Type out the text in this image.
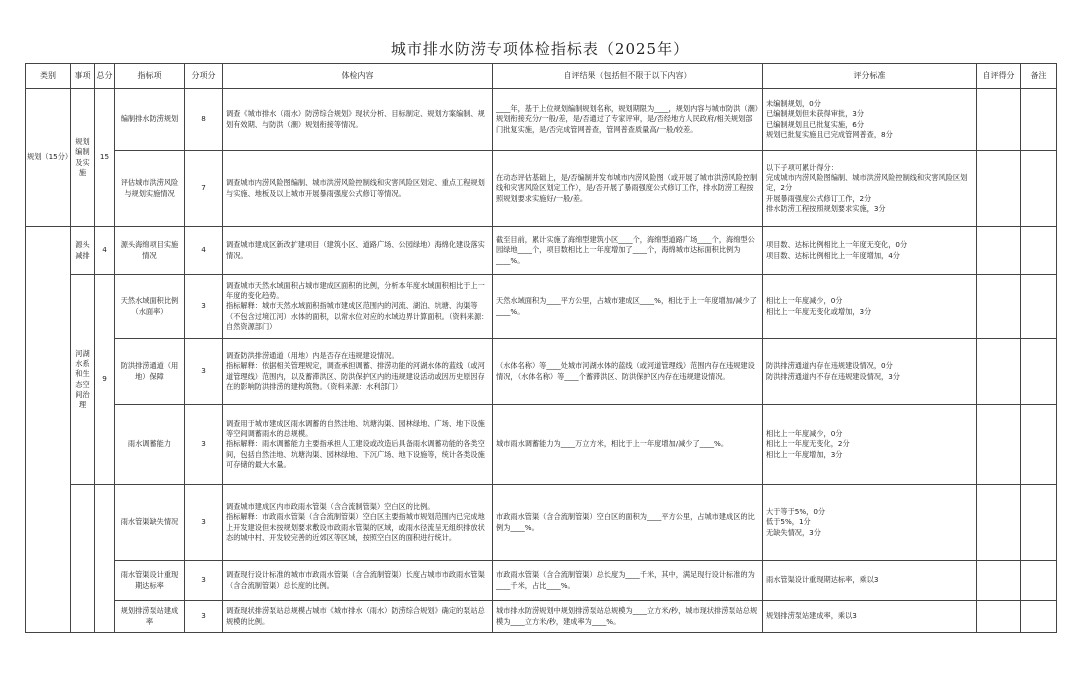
城市排水防涝专项体检指标表（2025年）
类别	事项	总分	指标项	分项分	体检内容	自评结果（包括但不限于以下内容）	评分标准	自评得分	备注
规划（15分）	规划编制及实施	15	编制排水防涝规划	8	调查《城市排水（雨水）防涝综合规划》现状分析、目标制定、规划方案编制、规划有效期、与防洪（潮）规划衔接等情况。	____年，基于上位规划编制规划名称，规划期限为____，规划内容与城市防洪（潮）规划衔接充分/一般/差，是/否通过了专家评审，是/否经地方人民政府/相关规划部门批复实施，是/否完成管网普查，管网普查质量高/一般/较差。	未编制规划，0分
已编制规划但未获得审批，3分
已编制规划且已批复实施，6分
规划已批复实施且已完成管网普查，8分		
			评估城市洪涝风险与规划实施情况	7	调查城市内涝风险图编制、城市洪涝风险控制线和灾害风险区划定、重点工程规划与实施、地板及以上城市开展暴雨强度公式修订等情况。	在动态评估基础上，是/否编制并发布城市内涝风险图（或开展了城市洪涝风险控制线和灾害风险区划定工作），是/否开展了暴雨强度公式修订工作，排水防涝工程按照规划要求实施好/一般/差。	以下子项可累计得分：
完成城市内涝风险图编制、城市洪涝风险控制线和灾害风险区划定，2分
开展暴雨强度公式修订工作，2分
排水防涝工程按照规划要求实施，3分		
	源头减排	4	源头海绵项目实施情况	4	调查城市建成区新改扩建项目（建筑小区、道路广场、公园绿地）海绵化建设落实情况。	截至目前，累计实施了海绵型建筑小区____个，海绵型道路广场____个，海绵型公园绿地____个，项目数相比上一年度增加了____个，海绵城市达标面积比例为____%。	项目数、达标比例相比上一年度无变化，0分
项目数、达标比例相比上一年度增加，4分		
	河湖水系和生态空间治理	9	天然水域面积比例（水面率）	3	调查城市天然水域面积占城市建成区面积的比例，分析本年度水域面积相比于上一年度的变化趋势。
指标解释：城市天然水域面积指城市建成区范围内的河流、湖泊、坑塘、沟渠等（不包含过境江河）水体的面积，以常水位对应的水域边界计算面积。（资料来源：自然资源部门）	天然水域面积为____平方公里，占城市建成区____%，相比于上一年度增加/减少了____%。	相比上一年度减少，0分
相比上一年度无变化或增加，3分		
			防洪排涝通道（用地）保障	3	调查防洪排涝通道（用地）内是否存在违规建设情况。
指标解释：依据相关管理规定，调查承担调蓄、排涝功能的河湖水体的蓝线（或河道管理线）范围内，以及蓄滞洪区、防洪保护区内的违规建设活动或因历史原因存在的影响防洪排涝的建构筑物。（资料来源：水利部门）	（水体名称）等____处城市河湖水体的蓝线（或河道管理线）范围内存在违规建设情况，（水体名称）等____个蓄滞洪区、防洪保护区内存在违规建设情况。	防洪排涝通道内存在违规建设情况，0分
防洪排涝通道内不存在违规建设情况，3分		
			雨水调蓄能力	3	调查用于城市建成区雨水调蓄的自然洼地、坑塘沟渠、园林绿地、广场、地下设施等空间调蓄雨水的总规模。
指标解释：雨水调蓄能力主要指承担人工建设或改造后具备雨水调蓄功能的各类空间，包括自然洼地、坑塘沟渠、园林绿地、下沉广场、地下设施等，统计各类设施可存储的最大水量。	城市雨水调蓄能力为____万立方米，相比于上一年度增加/减少了____%。	相比上一年度减少，0分
相比上一年度无变化，2分
相比上一年度增加，3分		
			雨水管渠缺失情况	3	调查城市建成区内市政雨水管渠（含合流制管渠）空白区的比例。
指标解释：市政雨水管渠（含合流制管渠）空白区主要指城市规划范围内已完成地上开发建设但未按规划要求敷设市政雨水管渠的区域，或雨水径流呈无组织排放状态的城中村、开发较完善的近郊区等区域，按照空白区的面积进行统计。	市政雨水管渠（含合流制管渠）空白区的面积为____平方公里，占城市建成区的比例为____%。	大于等于5%，0分
低于5%，1分
无缺失情况，3分		
			雨水管渠设计重现期达标率	3	调查现行设计标准的城市市政雨水管渠（含合流制管渠）长度占城市市政雨水管渠（含合流制管渠）总长度的比例。	市政雨水管渠（含合流制管渠）总长度为____千米，其中，满足现行设计标准的为____千米，占比____%。	雨水管渠设计重现期达标率，乘以3		
			规划排涝泵站建成率	3	调查现状排涝泵站总规模占城市《城市排水（雨水）防涝综合规划》确定的泵站总规模的比例。	城市排水防涝规划中规划排涝泵站总规模为____立方米/秒，城市现状排涝泵站总规模为____立方米/秒，建成率为____%。	规划排涝泵站建成率，乘以3		
